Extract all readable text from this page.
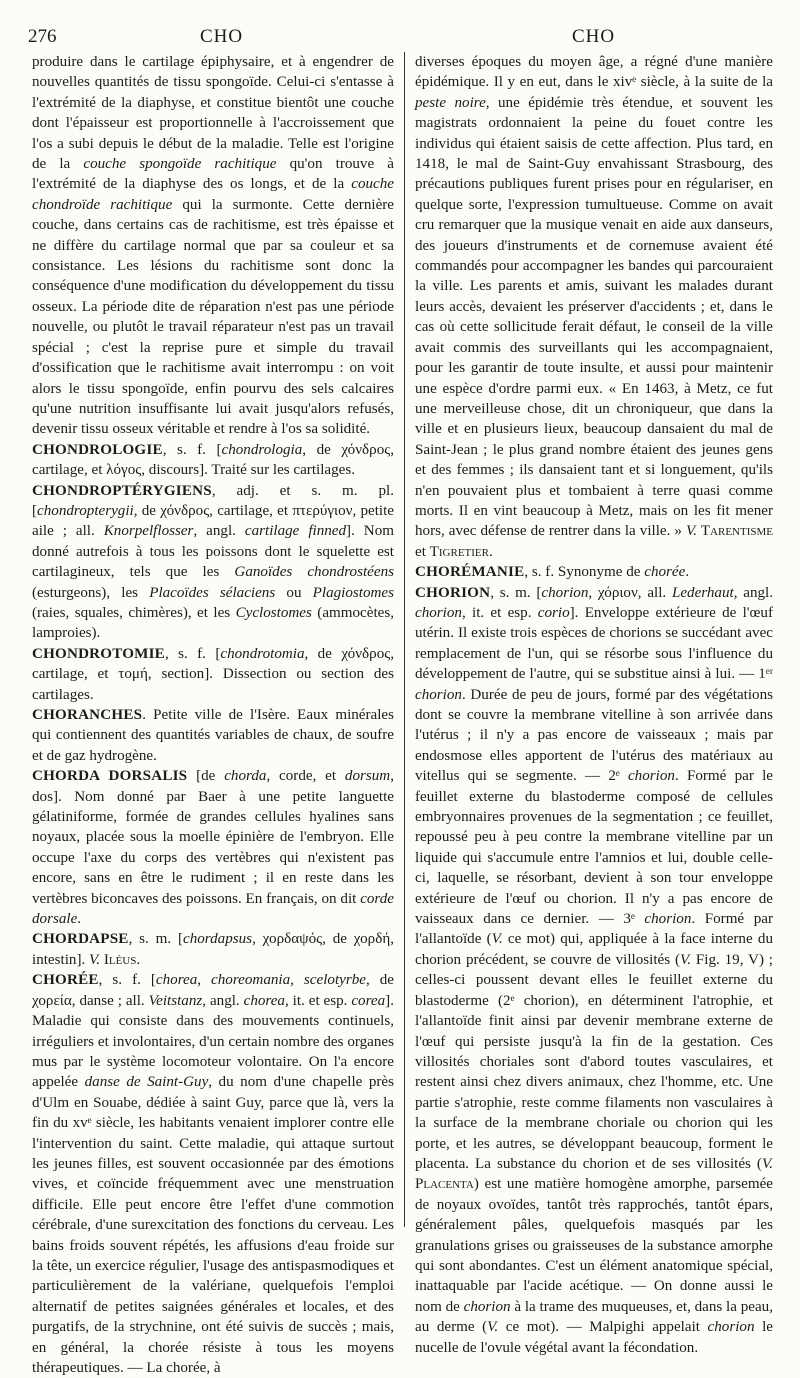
276	CHO	CHO

produire dans le cartilage épiphysaire, et à engendrer de nouvelles quantités de tissu spongoïde. Celui-ci s'entasse à l'extrémité de la diaphyse, et constitue bientôt une couche dont l'épaisseur est proportionnelle à l'accroissement que l'os a subi depuis le début de la maladie. Telle est l'origine de la couche spongoïde rachitique qu'on trouve à l'extrémité de la diaphyse des os longs, et de la couche chondroïde rachitique qui la surmonte. Cette dernière couche, dans certains cas de rachitisme, est très épaisse et ne diffère du cartilage normal que par sa couleur et sa consistance. Les lésions du rachitisme sont donc la conséquence d'une modification du développement du tissu osseux. La période dite de réparation n'est pas une période nouvelle, ou plutôt le travail réparateur n'est pas un travail spécial ; c'est la reprise pure et simple du travail d'ossification que le rachitisme avait interrompu : on voit alors le tissu spongoïde, enfin pourvu des sels calcaires qu'une nutrition insuffisante lui avait jusqu'alors refusés, devenir tissu osseux véritable et rendre à l'os sa solidité.

CHONDROLOGIE, s. f. [chondrologia, de χόνδρος, cartilage, et λόγος, discours]. Traité sur les cartilages.

CHONDROPTÉRYGIENS, adj. et s. m. pl. [chondropterygii, de χόνδρος, cartilage, et πτερύγιον, petite aile ; all. Knorpelflosser, angl. cartilage finned]. Nom donné autrefois à tous les poissons dont le squelette est cartilagineux, tels que les Ganoïdes chondrostéens (esturgeons), les Placoïdes sélaciens ou Plagiostomes (raies, squales, chimères), et les Cyclostomes (ammocètes, lamproies).

CHONDROTOMIE, s. f. [chondrotomia, de χόνδρος, cartilage, et τομή, section]. Dissection ou section des cartilages.

CHORANCHES. Petite ville de l'Isère. Eaux minérales qui contiennent des quantités variables de chaux, de soufre et de gaz hydrogène.

CHORDA DORSALIS [de chorda, corde, et dorsum, dos]. Nom donné par Baer à une petite languette gélatiniforme, formée de grandes cellules hyalines sans noyaux, placée sous la moelle épinière de l'embryon. Elle occupe l'axe du corps des vertèbres qui n'existent pas encore, sans en être le rudiment ; il en reste dans les vertèbres biconcaves des poissons. En français, on dit corde dorsale.

CHORDAPSE, s. m. [chordapsus, χορδαψός, de χορδή, intestin]. V. Iléus.

CHORÉE, s. f. [chorea, choreomania, scelotyrbe, de χορεία, danse ; all. Veitstanz, angl. chorea, it. et esp. corea]. Maladie qui consiste dans des mouvements continuels, irréguliers et involontaires, d'un certain nombre des organes mus par le système locomoteur volontaire. On l'a encore appelée danse de Saint-Guy, du nom d'une chapelle près d'Ulm en Souabe, dédiée à saint Guy, parce que là, vers la fin du xvᵉ siècle, les habitants venaient implorer contre elle l'intervention du saint. Cette maladie, qui attaque surtout les jeunes filles, est souvent occasionnée par des émotions vives, et coïncide fréquemment avec une menstruation difficile. Elle peut encore être l'effet d'une commotion cérébrale, d'une surexcitation des fonctions du cerveau. Les bains froids souvent répétés, les affusions d'eau froide sur la tête, un exercice régulier, l'usage des antispasmodiques et particulièrement de la valériane, quelquefois l'emploi alternatif de petites saignées générales et locales, et des purgatifs, de la strychnine, ont été suivis de succès ; mais, en général, la chorée résiste à tous les moyens thérapeutiques. — La chorée, à

diverses époques du moyen âge, a régné d'une manière épidémique. Il y en eut, dans le xivᵉ siècle, à la suite de la peste noire, une épidémie très étendue, et souvent les magistrats ordonnaient la peine du fouet contre les individus qui étaient saisis de cette affection. Plus tard, en 1418, le mal de Saint-Guy envahissant Strasbourg, des précautions publiques furent prises pour en régulariser, en quelque sorte, l'expression tumultueuse. Comme on avait cru remarquer que la musique venait en aide aux danseurs, des joueurs d'instruments et de cornemuse avaient été commandés pour accompagner les bandes qui parcouraient la ville. Les parents et amis, suivant les malades durant leurs accès, devaient les préserver d'accidents ; et, dans le cas où cette sollicitude ferait défaut, le conseil de la ville avait commis des surveillants qui les accompagnaient, pour les garantir de toute insulte, et aussi pour maintenir une espèce d'ordre parmi eux. « En 1463, à Metz, ce fut une merveilleuse chose, dit un chroniqueur, que dans la ville et en plusieurs lieux, beaucoup dansaient du mal de Saint-Jean ; le plus grand nombre étaient des jeunes gens et des femmes ; ils dansaient tant et si longuement, qu'ils n'en pouvaient plus et tombaient à terre quasi comme morts. Il en vint beaucoup à Metz, mais on les fit mener hors, avec défense de rentrer dans la ville. » V. Tarentisme et Tigretier.

CHORÉMANIE, s. f. Synonyme de chorée.

CHORION, s. m. [chorion, χόριον, all. Lederhaut, angl. chorion, it. et esp. corio]. Enveloppe extérieure de l'œuf utérin. Il existe trois espèces de chorions se succédant avec remplacement de l'un, qui se résorbe sous l'influence du développement de l'autre, qui se substitue ainsi à lui. — 1ᵉʳ chorion. Durée de peu de jours, formé par des végétations dont se couvre la membrane vitelline à son arrivée dans l'utérus ; il n'y a pas encore de vaisseaux ; mais par endosmose elles apportent de l'utérus des matériaux au vitellus qui se segmente. — 2ᵉ chorion. Formé par le feuillet externe du blastoderme composé de cellules embryonnaires provenues de la segmentation ; ce feuillet, repoussé peu à peu contre la membrane vitelline par un liquide qui s'accumule entre l'amnios et lui, double celle-ci, laquelle, se résorbant, devient à son tour enveloppe extérieure de l'œuf ou chorion. Il n'y a pas encore de vaisseaux dans ce dernier. — 3ᵉ chorion. Formé par l'allantoïde (V. ce mot) qui, appliquée à la face interne du chorion précédent, se couvre de villosités (V. Fig. 19, V) ; celles-ci poussent devant elles le feuillet externe du blastoderme (2ᵉ chorion), en déterminent l'atrophie, et l'allantoïde finit ainsi par devenir membrane externe de l'œuf qui persiste jusqu'à la fin de la gestation. Ces villosités choriales sont d'abord toutes vasculaires, et restent ainsi chez divers animaux, chez l'homme, etc. Une partie s'atrophie, reste comme filaments non vasculaires à la surface de la membrane choriale ou chorion qui les porte, et les autres, se développant beaucoup, forment le placenta. La substance du chorion et de ses villosités (V. Placenta) est une matière homogène amorphe, parsemée de noyaux ovoïdes, tantôt très rapprochés, tantôt épars, généralement pâles, quelquefois masqués par les granulations grises ou graisseuses de la substance amorphe qui sont abondantes. C'est un élément anatomique spécial, inattaquable par l'acide acétique. — On donne aussi le nom de chorion à la trame des muqueuses, et, dans la peau, au derme (V. ce mot). — Malpighi appelait chorion le nucelle de l'ovule végétal avant la fécondation.
